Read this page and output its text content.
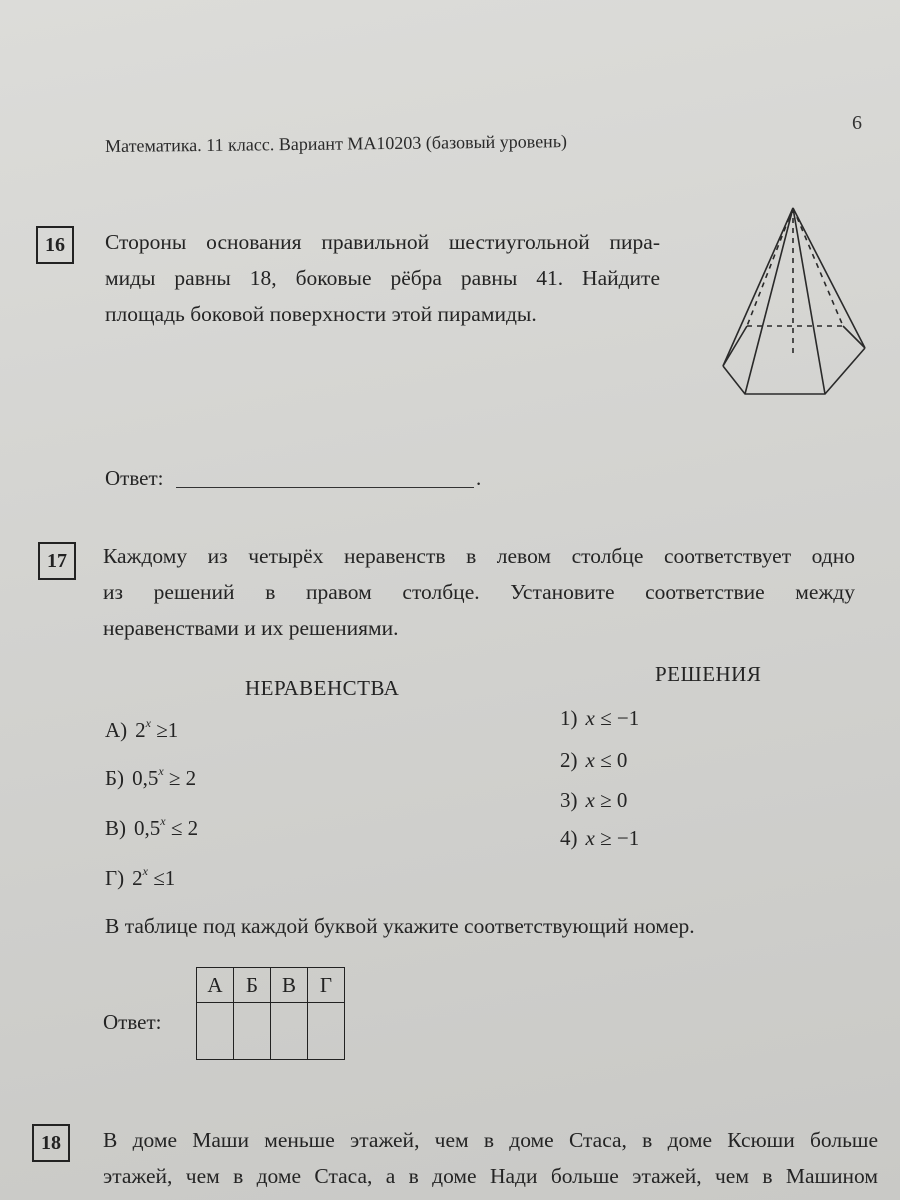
6
Математика. 11 класс. Вариант МА10203 (базовый уровень)
16	Стороны основания правильной шестиугольной пира-
миды равны 18, боковые рёбра равны 41. Найдите
площадь боковой поверхности этой пирамиды.
Ответ:	.
17	Каждому из четырёх неравенств в левом столбце соответствует одно
из решений в правом столбце. Установите соответствие между
неравенствами и их решениями.
НЕРАВЕНСТВА
РЕШЕНИЯ
А) $2^x \ge 1$
Б) $0,5^x \ge 2$
В) $0,5^x \le 2$
Г) $2^x \le 1$
1) x ≤ −1
2) x ≤ 0
3) x ≥ 0
4) x ≥ −1
В таблице под каждой буквой укажите соответствующий номер.
Ответ:
А	Б	В	Г

18	В доме Маши меньше этажей, чем в доме Стаса, в доме Ксюши больше
этажей, чем в доме Стаса, а в доме Нади больше этажей, чем в Машином
